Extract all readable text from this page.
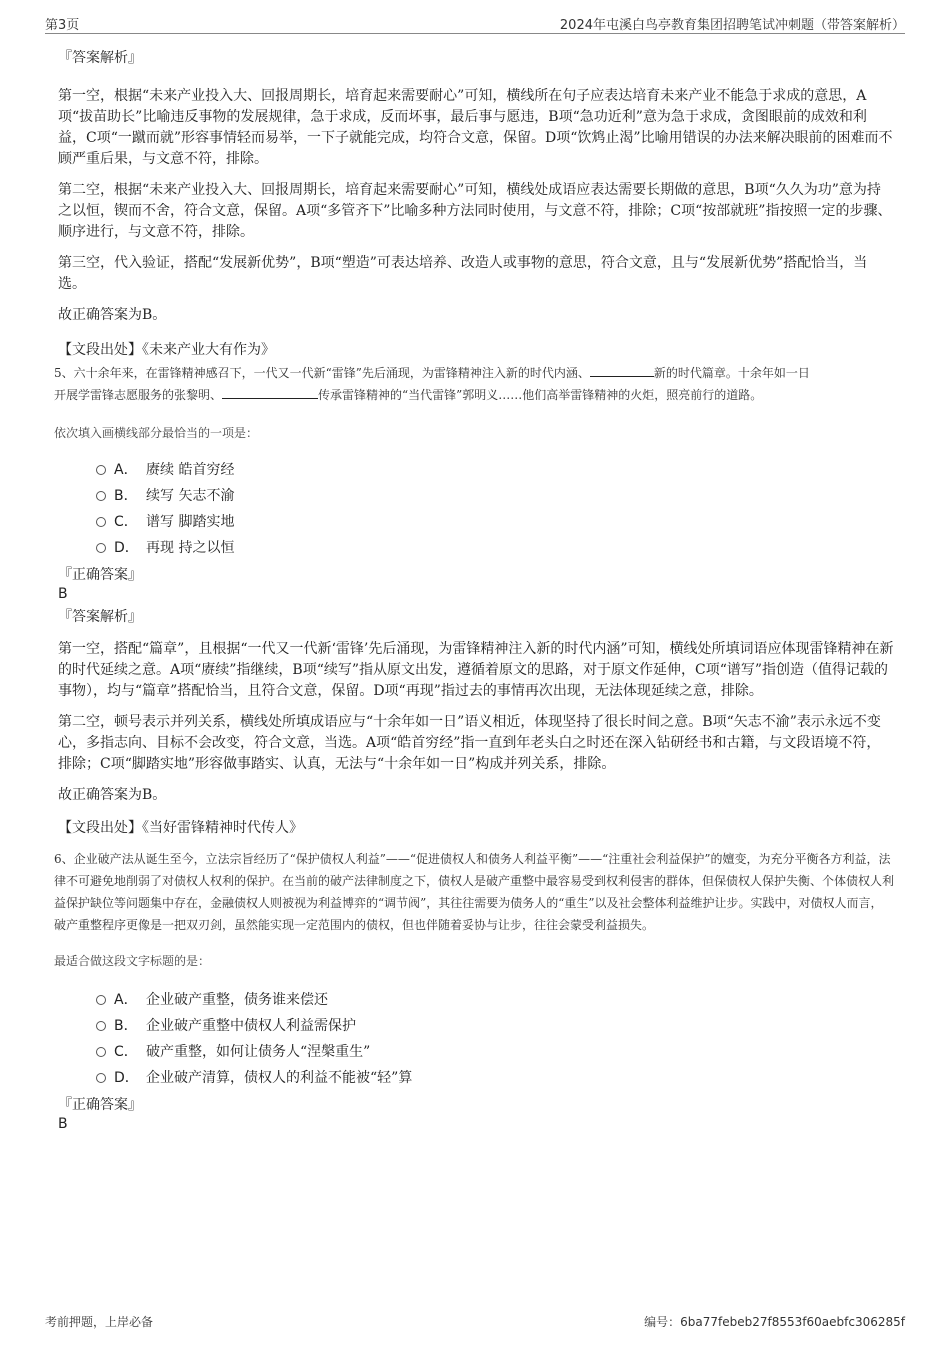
第3页	2024年屯溪白鸟亭教育集团招聘笔试冲刺题（带答案解析）

『答案解析』

第一空，根据“未来产业投入大、回报周期长，培育起来需要耐心”可知，横线所在句子应表达培育未来产业不能急于求成的意思，A项“拔苗助长”比喻违反事物的发展规律，急于求成，反而坏事，最后事与愿违，B项“急功近利”意为急于求成，贪图眼前的成效和利益，C项“一蹴而就”形容事情轻而易举，一下子就能完成，均符合文意，保留。D项“饮鸩止渴”比喻用错误的办法来解决眼前的困难而不顾严重后果，与文意不符，排除。

第二空，根据“未来产业投入大、回报周期长，培育起来需要耐心”可知，横线处成语应表达需要长期做的意思，B项“久久为功”意为持之以恒，锲而不舍，符合文意，保留。A项“多管齐下”比喻多种方法同时使用，与文意不符，排除；C项“按部就班”指按照一定的步骤、顺序进行，与文意不符，排除。

第三空，代入验证，搭配“发展新优势”，B项“塑造”可表达培养、改造人或事物的意思，符合文意，且与“发展新优势”搭配恰当，当选。

故正确答案为B。

【文段出处】《未来产业大有作为》

5、六十余年来，在雷锋精神感召下，一代又一代新“雷锋”先后涌现，为雷锋精神注入新的时代内涵、	新的时代篇章。十余年如一日
开展学雷锋志愿服务的张黎明、	传承雷锋精神的“当代雷锋”郭明义……他们高举雷锋精神的火炬，照亮前行的道路。

依次填入画横线部分最恰当的一项是：

A． 赓续 皓首穷经
B． 续写 矢志不渝
C． 谱写 脚踏实地
D． 再现 持之以恒

『正确答案』

B

『答案解析』

第一空，搭配“篇章”，且根据“一代又一代新‘雷锋’先后涌现，为雷锋精神注入新的时代内涵”可知，横线处所填词语应体现雷锋精神在新的时代延续之意。A项“赓续”指继续，B项“续写”指从原文出发，遵循着原文的思路，对于原文作延伸，C项“谱写”指创造（值得记载的事物），均与“篇章”搭配恰当，且符合文意，保留。D项“再现”指过去的事情再次出现，无法体现延续之意，排除。

第二空，顿号表示并列关系，横线处所填成语应与“十余年如一日”语义相近，体现坚持了很长时间之意。B项“矢志不渝”表示永远不变心，多指志向、目标不会改变，符合文意，当选。A项“皓首穷经”指一直到年老头白之时还在深入钻研经书和古籍，与文段语境不符，排除；C项“脚踏实地”形容做事踏实、认真，无法与“十余年如一日”构成并列关系，排除。

故正确答案为B。

【文段出处】《当好雷锋精神时代传人》

6、企业破产法从诞生至今，立法宗旨经历了“保护债权人利益”——“促进债权人和债务人利益平衡”——“注重社会利益保护”的嬗变，为充分平衡各方利益，法律不可避免地削弱了对债权人权利的保护。在当前的破产法律制度之下，债权人是破产重整中最容易受到权利侵害的群体，但保债权人保护失衡、个体债权人利益保护缺位等问题集中存在，金融债权人则被视为利益博弈的“调节阀”，其往往需要为债务人的“重生”以及社会整体利益维护让步。实践中，对债权人而言，破产重整程序更像是一把双刃剑，虽然能实现一定范围内的债权，但也伴随着妥协与让步，往往会蒙受利益损失。

最适合做这段文字标题的是：

A． 企业破产重整，债务谁来偿还
B． 企业破产重整中债权人利益需保护
C． 破产重整，如何让债务人“涅槃重生”
D． 企业破产清算，债权人的利益不能被“轻”算

『正确答案』

B

考前押题，上岸必备	编号：6ba77febeb27f8553f60aebfc306285f
